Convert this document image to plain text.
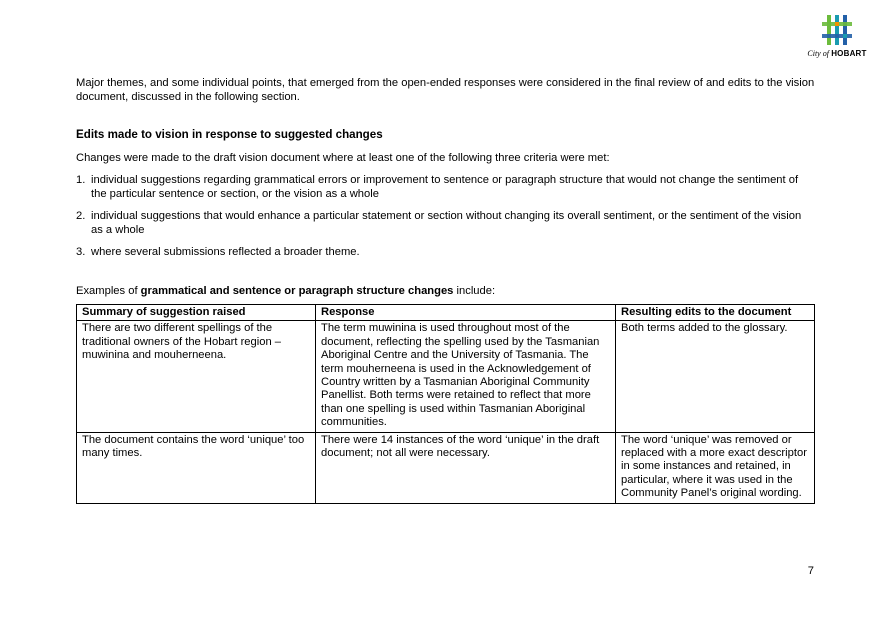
City of HOBART

Major themes, and some individual points, that emerged from the open-ended responses were considered in the final review of and edits to the vision document, discussed in the following section.

Edits made to vision in response to suggested changes

Changes were made to the draft vision document where at least one of the following three criteria were met:

1. individual suggestions regarding grammatical errors or improvement to sentence or paragraph structure that would not change the sentiment of the particular sentence or section, or the vision as a whole
2. individual suggestions that would enhance a particular statement or section without changing its overall sentiment, or the sentiment of the vision as a whole
3. where several submissions reflected a broader theme.

Examples of grammatical and sentence or paragraph structure changes include:

Summary of suggestion raised	Response	Resulting edits to the document
There are two different spellings of the traditional owners of the Hobart region – muwinina and mouherneena.	The term muwinina is used throughout most of the document, reflecting the spelling used by the Tasmanian Aboriginal Centre and the University of Tasmania. The term mouherneena is used in the Acknowledgement of Country written by a Tasmanian Aboriginal Community Panellist. Both terms were retained to reflect that more than one spelling is used within Tasmanian Aboriginal communities.	Both terms added to the glossary.
The document contains the word ‘unique’ too many times.	There were 14 instances of the word ‘unique’ in the draft document; not all were necessary.	The word ‘unique’ was removed or replaced with a more exact descriptor in some instances and retained, in particular, where it was used in the Community Panel’s original wording.
7
